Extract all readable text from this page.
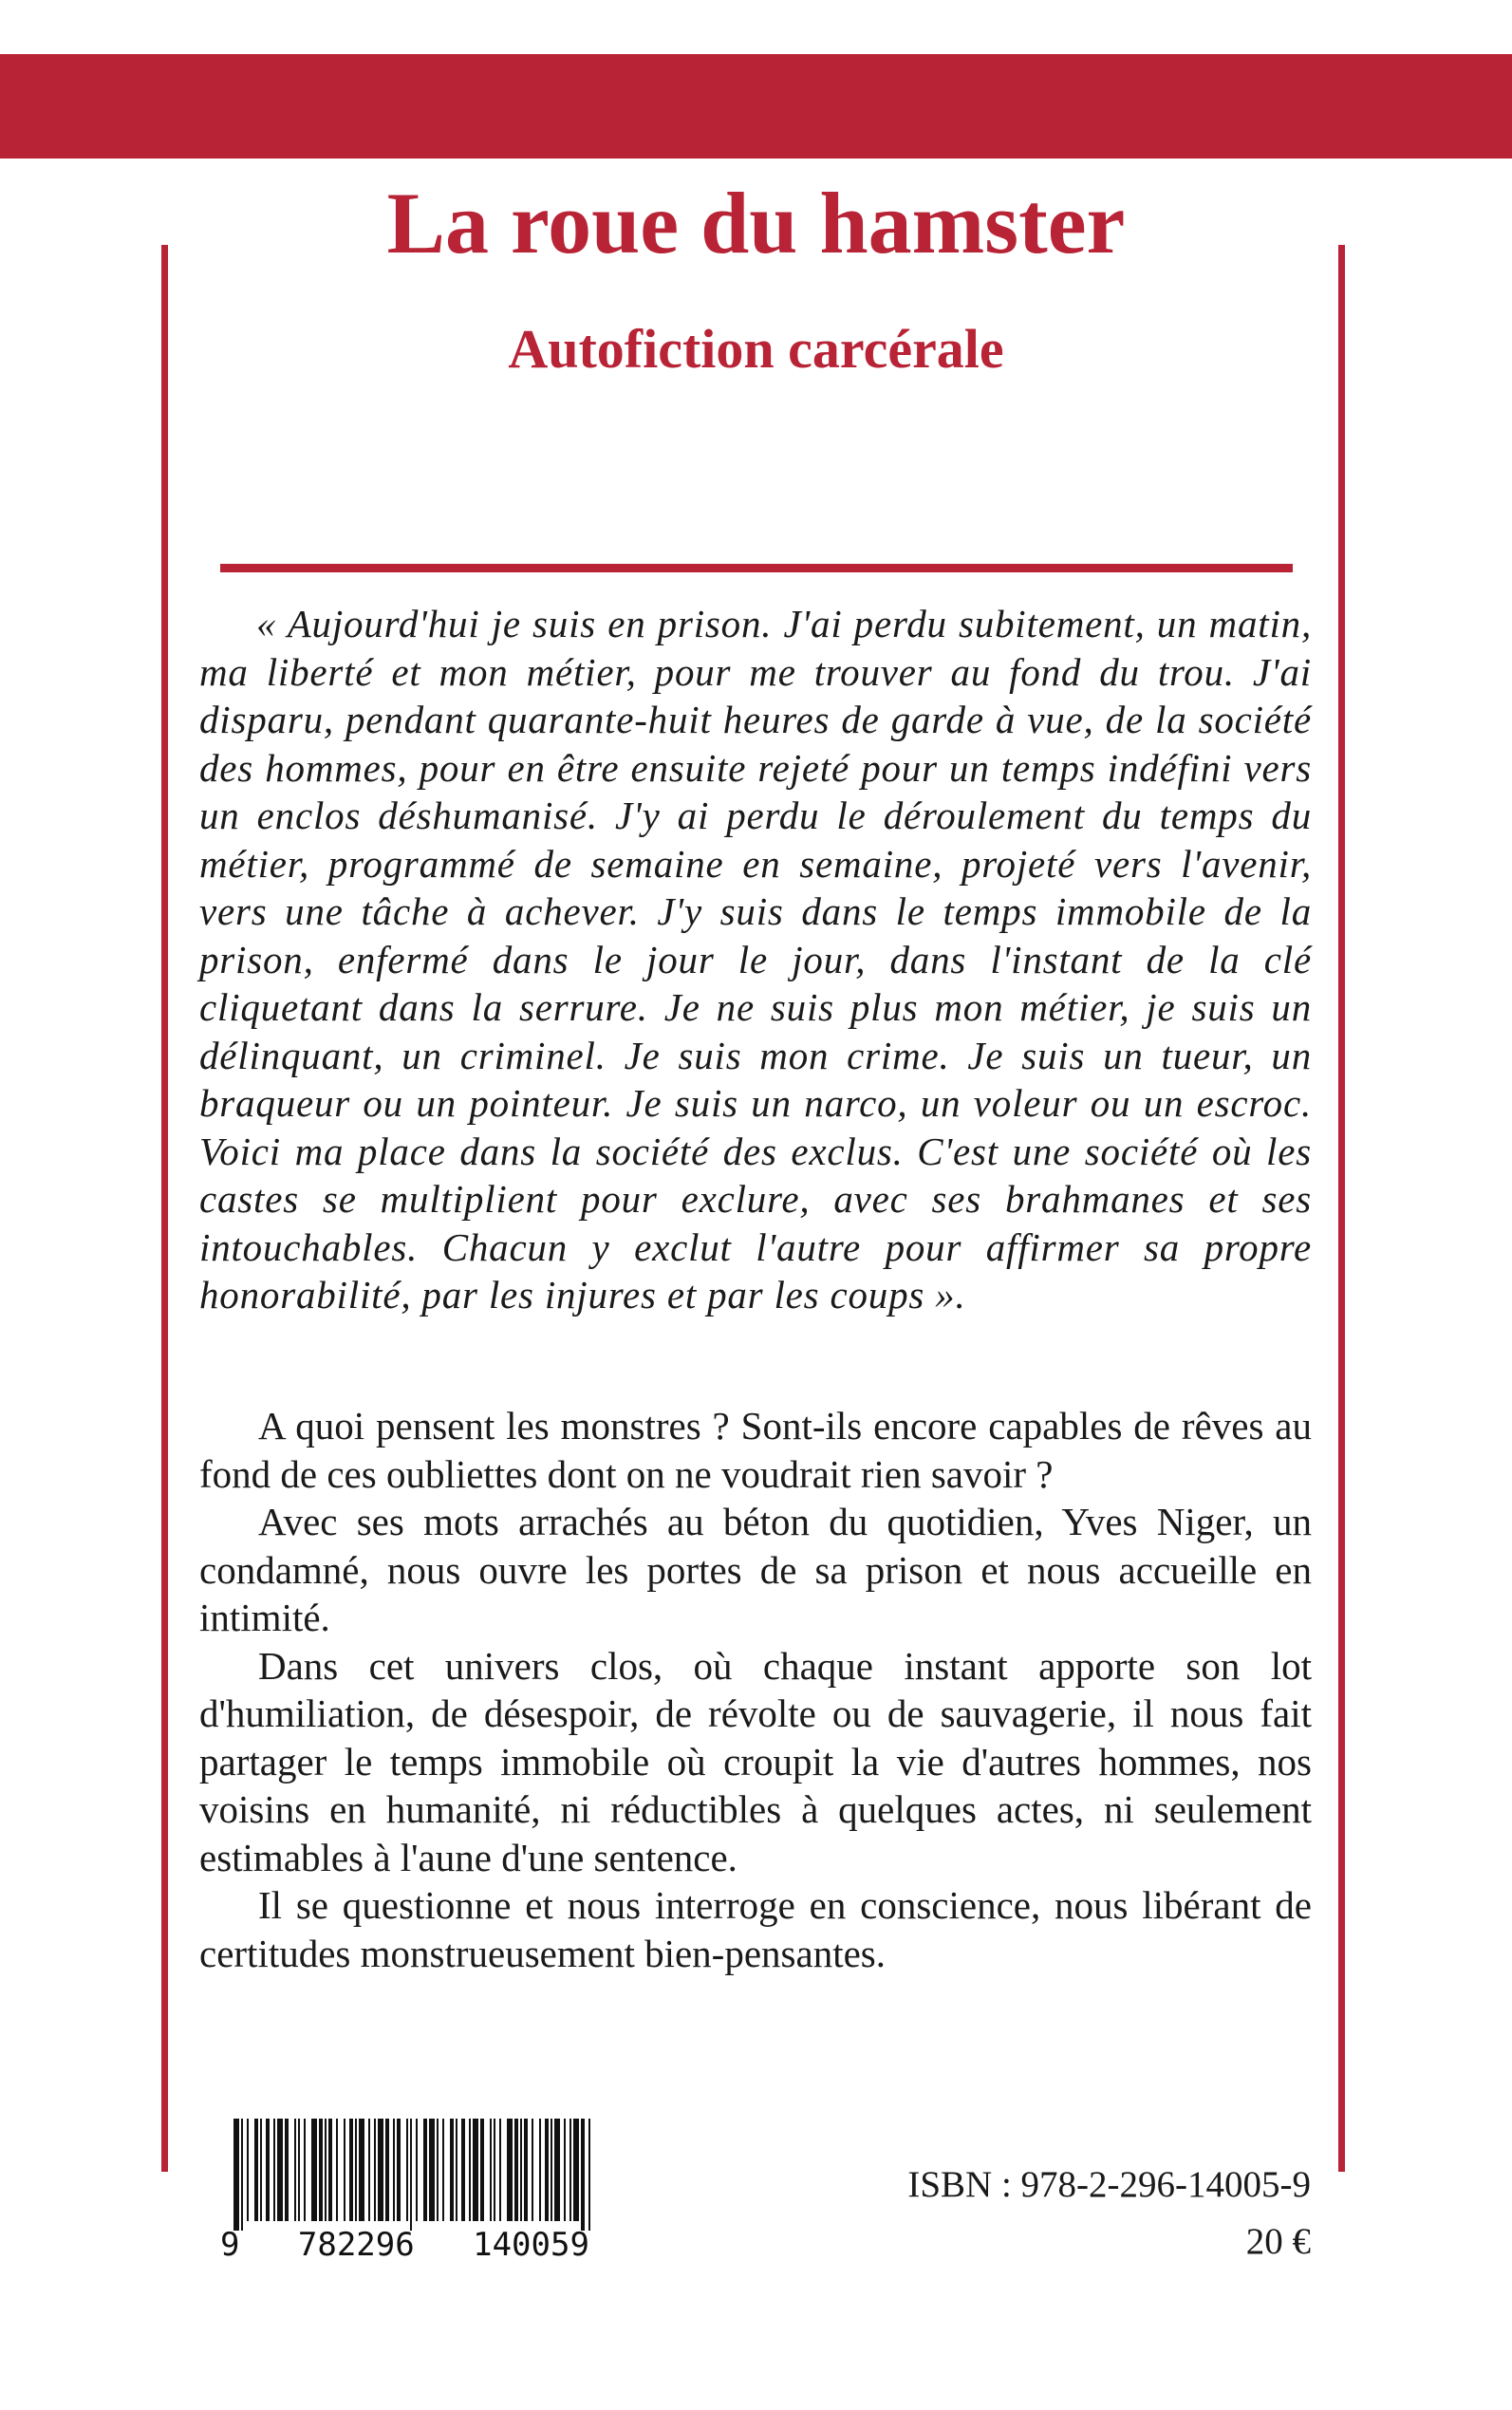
La roue du hamster
Autofiction carcérale

« Aujourd'hui je suis en prison. J'ai perdu subitement, un matin, ma liberté et mon métier, pour me trouver au fond du trou. J'ai disparu, pendant quarante-huit heures de garde à vue, de la société des hommes, pour en être ensuite rejeté pour un temps indéfini vers un enclos déshumanisé. J'y ai perdu le déroulement du temps du métier, programmé de semaine en semaine, projeté vers l'avenir, vers une tâche à achever. J'y suis dans le temps immobile de la prison, enfermé dans le jour le jour, dans l'instant de la clé cliquetant dans la serrure. Je ne suis plus mon métier, je suis un délinquant, un criminel. Je suis mon crime. Je suis un tueur, un braqueur ou un pointeur. Je suis un narco, un voleur ou un escroc. Voici ma place dans la société des exclus. C'est une société où les castes se multiplient pour exclure, avec ses brahmanes et ses intouchables. Chacun y exclut l'autre pour affirmer sa propre honorabilité, par les injures et par les coups ».

A quoi pensent les monstres ? Sont-ils encore capables de rêves au fond de ces oubliettes dont on ne voudrait rien savoir ?

Avec ses mots arrachés au béton du quotidien, Yves Niger, un condamné, nous ouvre les portes de sa prison et nous accueille en intimité.

Dans cet univers clos, où chaque instant apporte son lot d'humiliation, de désespoir, de révolte ou de sauvagerie, il nous fait partager le temps immobile où croupit la vie d'autres hommes, nos voisins en humanité, ni réductibles à quelques actes, ni seulement estimables à l'aune d'une sentence.

Il se questionne et nous interroge en conscience, nous libérant de certitudes monstrueusement bien-pensantes.

9   782296   140059

ISBN : 978-2-296-14005-9

20 €
